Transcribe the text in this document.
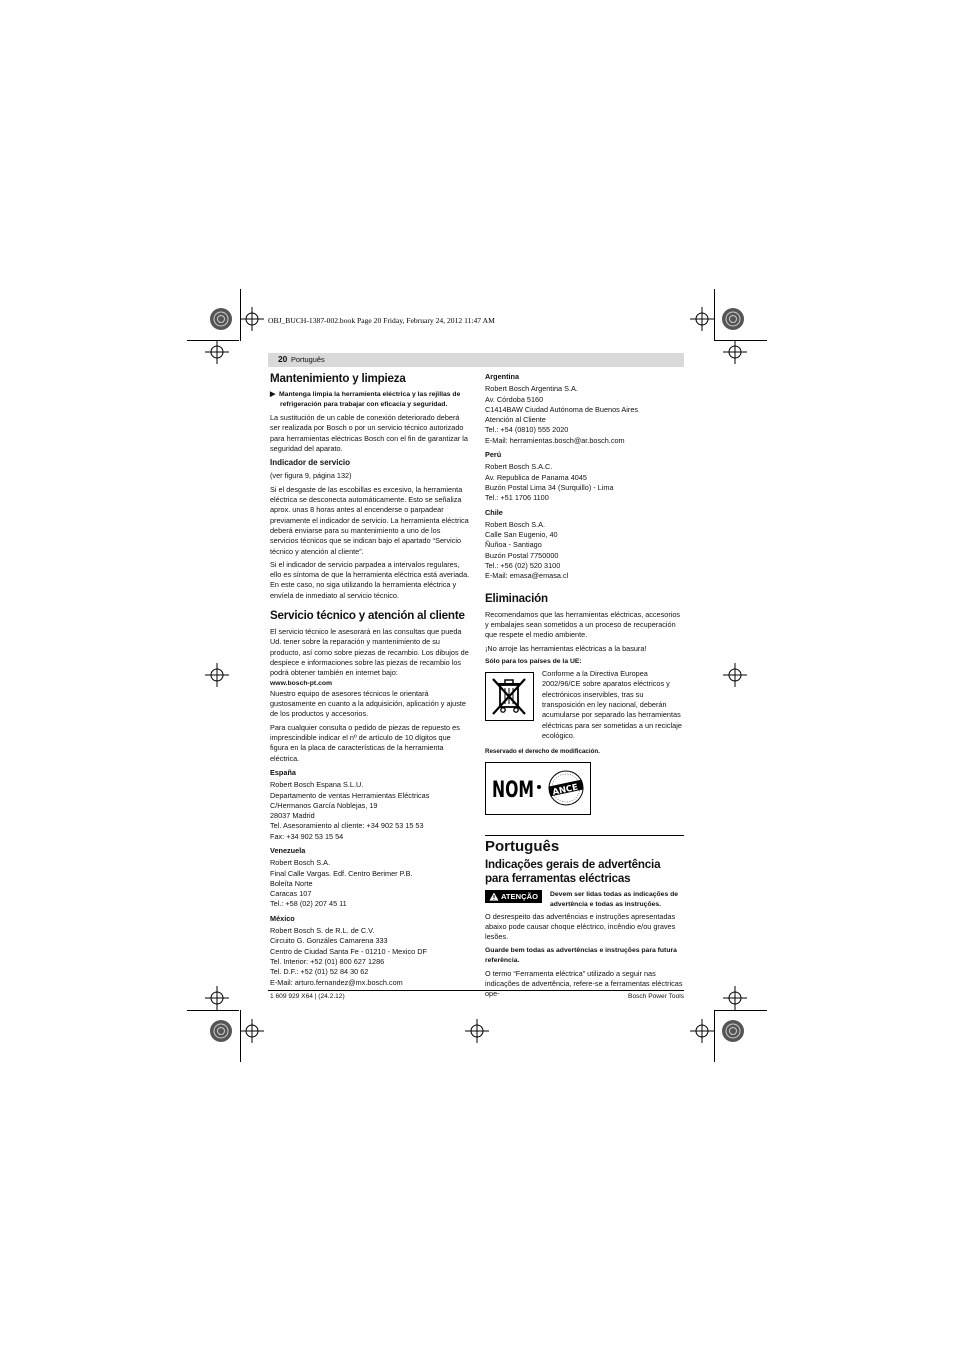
OBJ_BUCH-1387-002.book Page 20 Friday, February 24, 2012 11:47 AM
20 Português
Mantenimiento y limpieza
▶  Mantenga limpia la herramienta eléctrica y las rejillas de refrigeración para trabajar con eficacia y seguridad.

La sustitución de un cable de conexión deteriorado deberá ser realizada por Bosch o por un servicio técnico autorizado para herramientas eléctricas Bosch con el fin de garantizar la seguridad del aparato.

Indicador de servicio

(ver figura 9, página 132)

Si el desgaste de las escobillas es excesivo, la herramienta eléctrica se desconecta automáticamente. Esto se señaliza aprox. unas 8 horas antes al encenderse o parpadear previamente el indicador de servicio. La herramienta eléctrica deberá enviarse para su mantenimiento a uno de los servicios técnicos que se indican bajo el apartado “Servicio técnico y atención al cliente”.

Si el indicador de servicio parpadea a intervalos regulares, ello es síntoma de que la herramienta eléctrica está averiada. En este caso, no siga utilizando la herramienta eléctrica y envíela de inmediato al servicio técnico.

Servicio técnico y atención al cliente

El servicio técnico le asesorará en las consultas que pueda Ud. tener sobre la reparación y mantenimiento de su producto, así como sobre piezas de recambio. Los dibujos de despiece e informaciones sobre las piezas de recambio los podrá obtener también en internet bajo:

www.bosch-pt.com

Nuestro equipo de asesores técnicos le orientará gustosamente en cuanto a la adquisición, aplicación y ajuste de los productos y accesorios.

Para cualquier consulta o pedido de piezas de repuesto es imprescindible indicar el nº de artículo de 10 dígitos que figura en la placa de características de la herramienta eléctrica.

España
Robert Bosch Espana S.L.U.
Departamento de ventas Herramientas Eléctricas
C/Hermanos García Noblejas, 19
28037 Madrid
Tel. Asesoramiento al cliente: +34 902 53 15 53
Fax: +34 902 53 15 54
Venezuela
Robert Bosch S.A.
Final Calle Vargas. Edf. Centro Berimer P.B.
Boleíta Norte
Caracas 107
Tel.: +58 (02) 207 45 11
México
Robert Bosch S. de R.L. de C.V.
Circuito G. Gonzáles Camarena 333
Centro de Ciudad Santa Fe - 01210 - Mexico DF
Tel. Interior: +52 (01) 800 627 1286
Tel. D.F.: +52 (01) 52 84 30 62
E-Mail: arturo.fernandez@mx.bosch.com
Argentina
Robert Bosch Argentina S.A.
Av. Córdoba 5160
C1414BAW Ciudad Autónoma de Buenos Aires
Atención al Cliente
Tel.: +54 (0810) 555 2020
E-Mail: herramientas.bosch@ar.bosch.com
Perú
Robert Bosch S.A.C.
Av. Republica de Panama 4045
Buzón Postal Lima 34 (Surquillo) - Lima
Tel.: +51 1706 1100
Chile
Robert Bosch S.A.
Calle San Eugenio, 40
Ñuñoa - Santiago
Buzón Postal 7750000
Tel.: +56 (02) 520 3100
E-Mail: emasa@emasa.cl
Eliminación

Recomendamos que las herramientas eléctricas, accesorios y embalajes sean sometidos a un proceso de recuperación que respete el medio ambiente.

¡No arroje las herramientas eléctricas a la basura!

Sólo para los países de la UE:

Conforme a la Directiva Europea 2002/96/CE sobre aparatos eléctricos y electrónicos inservibles, tras su transposición en ley nacional, deberán acumularse por separado las herramientas eléctricas para ser sometidas a un reciclaje ecológico.

Reservado el derecho de modificación.

NOM ANCE
Português
Indicações gerais de advertência para ferramentas eléctricas
ATENÇÃO Devem ser lidas todas as indicações de advertência e todas as instruções.

O desrespeito das advertências e instruções apresentadas abaixo pode causar choque eléctrico, incêndio e/ou graves lesões.

Guarde bem todas as advertências e instruções para futura referência.

O termo “Ferramenta eléctrica” utilizado a seguir nas indicações de advertência, refere-se a ferramentas eléctricas ope-

1 609 929 X64 | (24.2.12)	Bosch Power Tools
